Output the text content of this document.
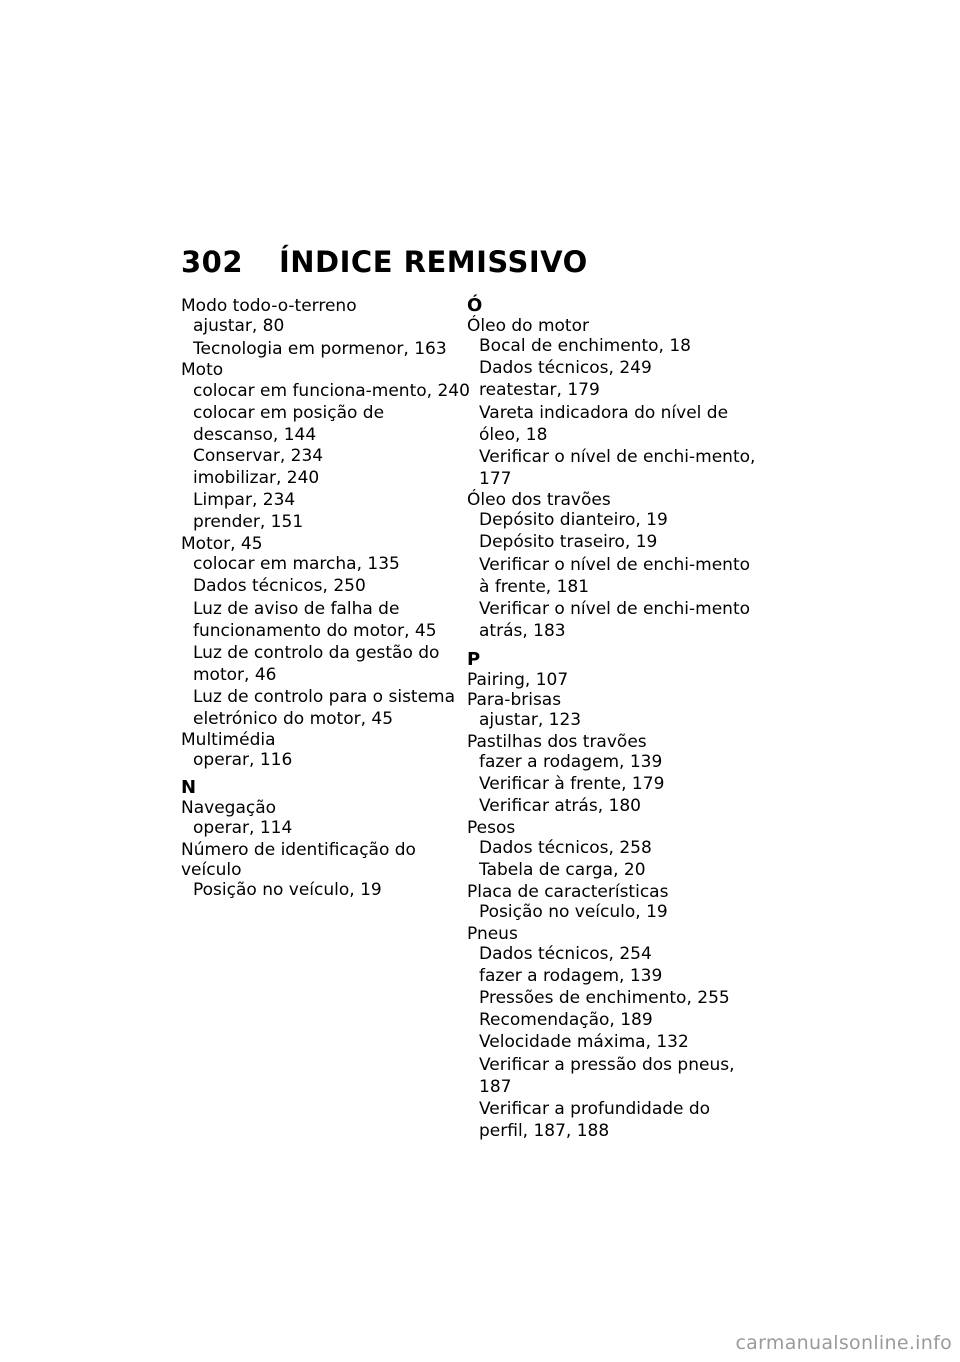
302 ÍNDICE REMISSIVO
Modo todo-o-terreno
ajustar, 80
Tecnologia em pormenor, 163
Moto
colocar em funciona-mento, 240
colocar em posição de descanso, 144
Conservar, 234
imobilizar, 240
Limpar, 234
prender, 151
Motor, 45
colocar em marcha, 135
Dados técnicos, 250
Luz de aviso de falha de funcionamento do motor, 45
Luz de controlo da gestão do motor, 46
Luz de controlo para o sistema eletrónico do motor, 45
Multimédia
operar, 116
N
Navegação
operar, 114
Número de identificação do veículo
Posição no veículo, 19
Ó
Óleo do motor
Bocal de enchimento, 18
Dados técnicos, 249
reatestar, 179
Vareta indicadora do nível de óleo, 18
Verificar o nível de enchi-mento, 177
Óleo dos travões
Depósito dianteiro, 19
Depósito traseiro, 19
Verificar o nível de enchi-mento à frente, 181
Verificar o nível de enchi-mento atrás, 183
P
Pairing, 107
Para-brisas
ajustar, 123
Pastilhas dos travões
fazer a rodagem, 139
Verificar à frente, 179
Verificar atrás, 180
Pesos
Dados técnicos, 258
Tabela de carga, 20
Placa de características
Posição no veículo, 19
Pneus
Dados técnicos, 254
fazer a rodagem, 139
Pressões de enchimento, 255
Recomendação, 189
Velocidade máxima, 132
Verificar a pressão dos pneus, 187
Verificar a profundidade do perfil, 187, 188
carmanualsonline.info
